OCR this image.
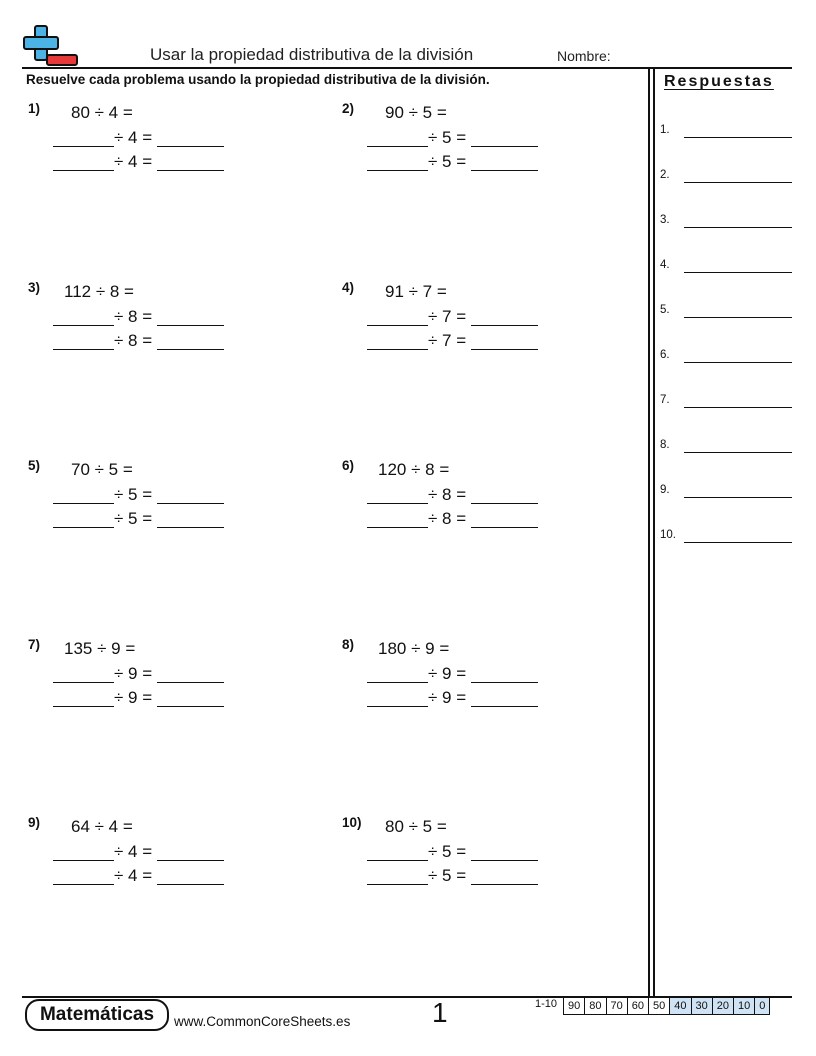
Usar la propiedad distributiva de la división	Nombre:
Resuelve cada problema usando la propiedad distributiva de la división.	Respuestas
1.
2.
3.
4.
5.
6.
7.
8.
9.
10.
1) 80 ÷ 4 =
÷ 4 =
÷ 4 =
2) 90 ÷ 5 =
÷ 5 =
÷ 5 =
3) 112 ÷ 8 =
÷ 8 =
÷ 8 =
4) 91 ÷ 7 =
÷ 7 =
÷ 7 =
5) 70 ÷ 5 =
÷ 5 =
÷ 5 =
6) 120 ÷ 8 =
÷ 8 =
÷ 8 =
7) 135 ÷ 9 =
÷ 9 =
÷ 9 =
8) 180 ÷ 9 =
÷ 9 =
÷ 9 =
9) 64 ÷ 4 =
÷ 4 =
÷ 4 =
10) 80 ÷ 5 =
÷ 5 =
÷ 5 =
Matemáticas	www.CommonCoreSheets.es	1	1-10 90 80 70 60 50 40 30 20 10 0
